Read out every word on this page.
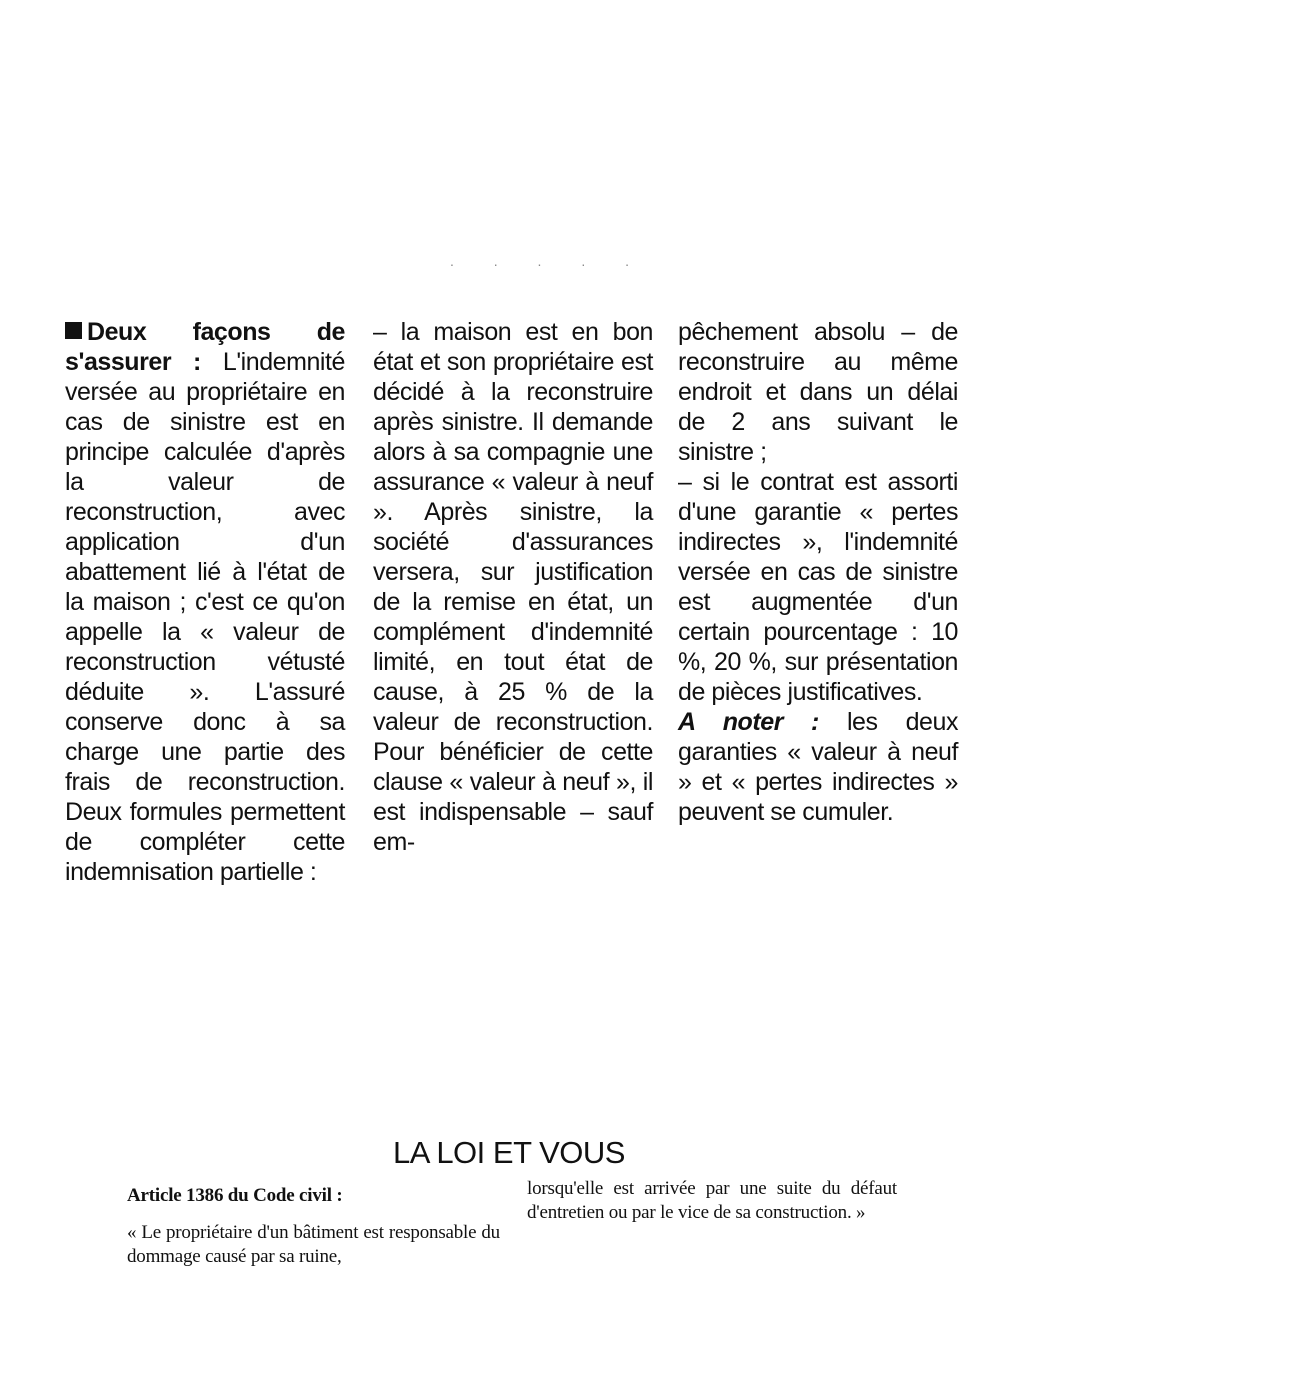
. . . . .

Deux façons de s'assurer : L'indemnité versée au propriétaire en cas de sinistre est en principe calculée d'après la valeur de reconstruction, avec application d'un abattement lié à l'état de la maison ; c'est ce qu'on appelle la « valeur de reconstruction vétusté déduite ». L'assuré conserve donc à sa charge une partie des frais de reconstruction. Deux formules permettent de compléter cette indemnisation partielle :

– la maison est en bon état et son propriétaire est décidé à la reconstruire après sinistre. Il demande alors à sa compagnie une assurance « valeur à neuf ». Après sinistre, la société d'assurances versera, sur justification de la remise en état, un complément d'indemnité limité, en tout état de cause, à 25 % de la valeur de reconstruction. Pour bénéficier de cette clause « valeur à neuf », il est indispensable – sauf em-

pêchement absolu – de reconstruire au même endroit et dans un délai de 2 ans suivant le sinistre ;

– si le contrat est assorti d'une garantie « pertes indirectes », l'indemnité versée en cas de sinistre est augmentée d'un certain pourcentage : 10 %, 20 %, sur présentation de pièces justificatives.

A noter : les deux garanties « valeur à neuf » et « pertes indirectes » peuvent se cumuler.

LA LOI ET VOUS

Article 1386 du Code civil :

« Le propriétaire d'un bâtiment est responsable du dommage causé par sa ruine,

lorsqu'elle est arrivée par une suite du défaut d'entretien ou par le vice de sa construction. »
